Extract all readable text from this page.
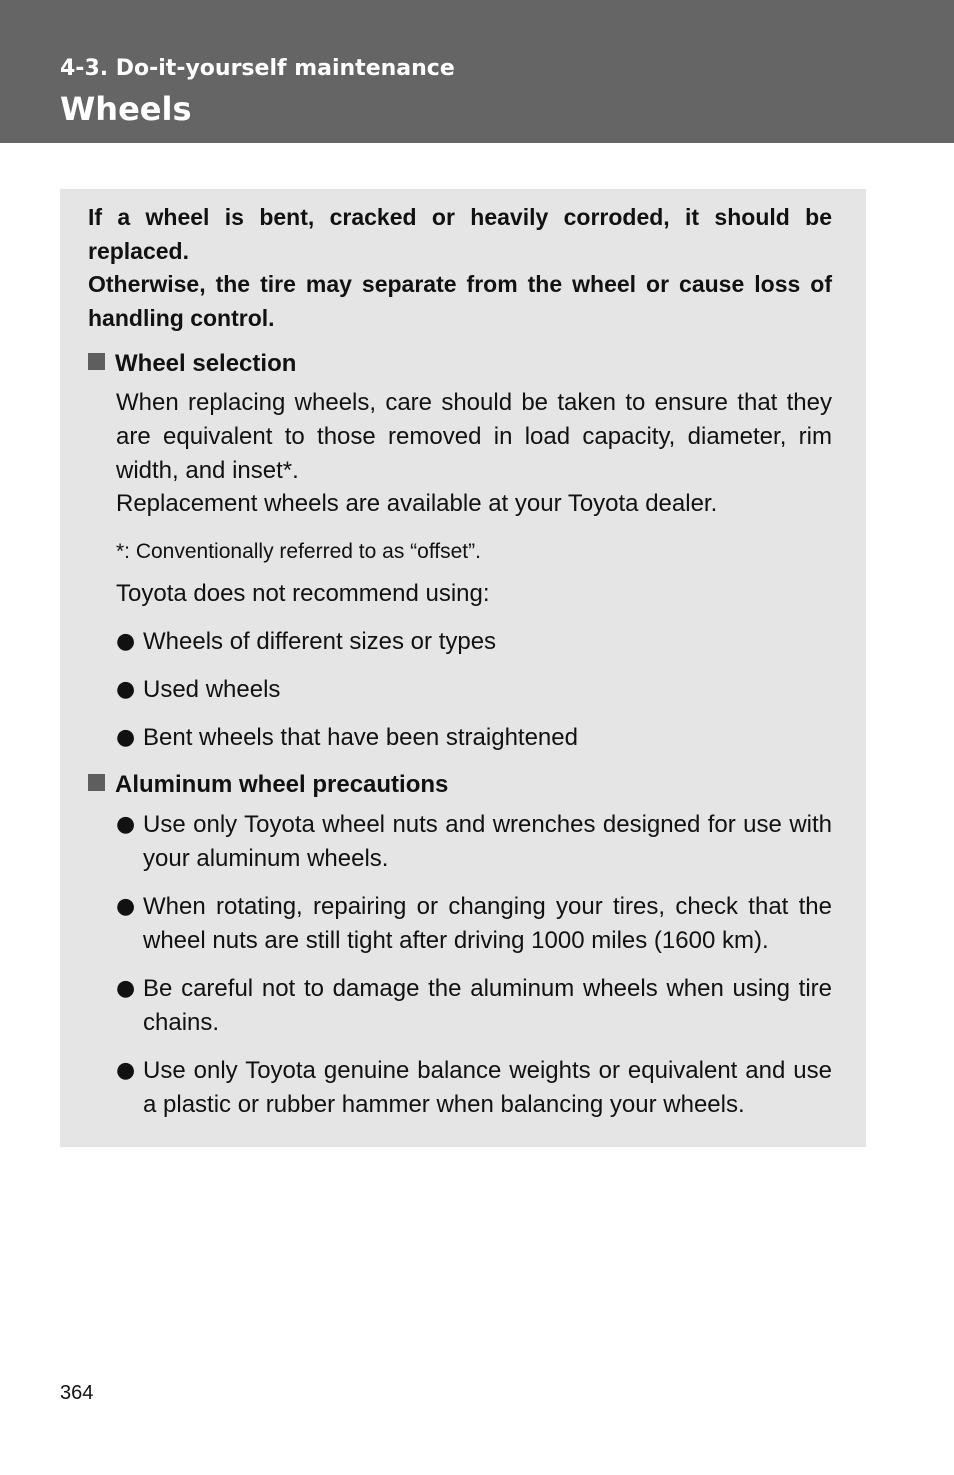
4-3. Do-it-yourself maintenance
Wheels
If a wheel is bent, cracked or heavily corroded, it should be replaced.
Otherwise, the tire may separate from the wheel or cause loss of handling control.
Wheel selection
When replacing wheels, care should be taken to ensure that they are equivalent to those removed in load capacity, diameter, rim width, and inset*.
Replacement wheels are available at your Toyota dealer.
*: Conventionally referred to as “offset”.
Toyota does not recommend using:
● Wheels of different sizes or types
● Used wheels
● Bent wheels that have been straightened
Aluminum wheel precautions
● Use only Toyota wheel nuts and wrenches designed for use with your aluminum wheels.
● When rotating, repairing or changing your tires, check that the wheel nuts are still tight after driving 1000 miles (1600 km).
● Be careful not to damage the aluminum wheels when using tire chains.
● Use only Toyota genuine balance weights or equivalent and use a plastic or rubber hammer when balancing your wheels.
364
